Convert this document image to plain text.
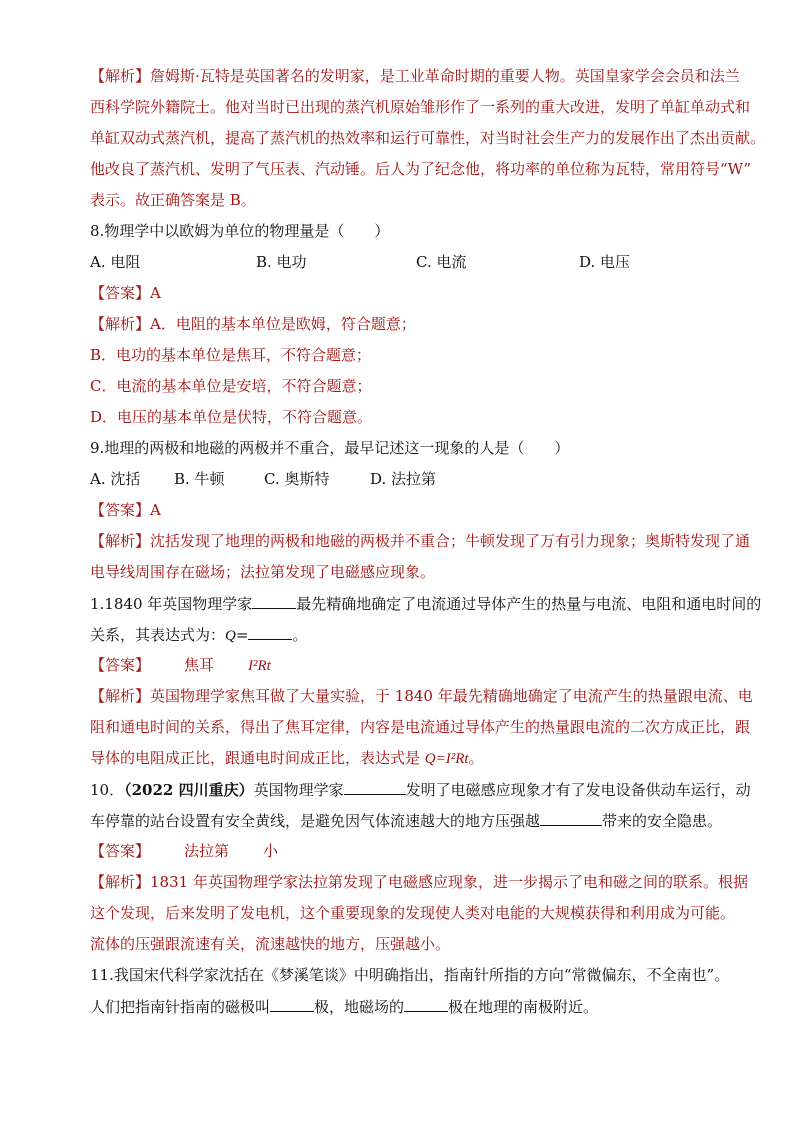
【解析】詹姆斯·瓦特是英国著名的发明家，是工业革命时期的重要人物。英国皇家学会会员和法兰
西科学院外籍院士。他对当时已出现的蒸汽机原始雏形作了一系列的重大改进，发明了单缸单动式和
单缸双动式蒸汽机，提高了蒸汽机的热效率和运行可靠性，对当时社会生产力的发展作出了杰出贡献。
他改良了蒸汽机、发明了气压表、汽动锤。后人为了纪念他，将功率的单位称为瓦特，常用符号“W”
表示。故正确答案是 B。
8.物理学中以欧姆为单位的物理量是（　　）
A. 电阻	B. 电功	C. 电流	D. 电压
【答案】A
【解析】A．电阻的基本单位是欧姆，符合题意；
B．电功的基本单位是焦耳，不符合题意；
C．电流的基本单位是安培，不符合题意；
D．电压的基本单位是伏特，不符合题意。
9.地理的两极和地磁的两极并不重合，最早记述这一现象的人是（　　）
A. 沈括 B. 牛顿	C. 奥斯特	D. 法拉第
【答案】A
【解析】沈括发现了地理的两极和地磁的两极并不重合；牛顿发现了万有引力现象；奥斯特发现了通
电导线周围存在磁场；法拉第发现了电磁感应现象。
1.1840 年英国物理学家	最先精确地确定了电流通过导体产生的热量与电流、电阻和通电时间的
关系，其表达式为：Q=	。
【答案】 焦耳 I²Rt
【解析】英国物理学家焦耳做了大量实验，于 1840 年最先精确地确定了电流产生的热量跟电流、电
阻和通电时间的关系，得出了焦耳定律，内容是电流通过导体产生的热量跟电流的二次方成正比，跟
导体的电阻成正比，跟通电时间成正比，表达式是 Q=I²Rt。
10．（2022 四川重庆）英国物理学家	发明了电磁感应现象才有了发电设备供动车运行，动
车停靠的站台设置有安全黄线，是避免因气体流速越大的地方压强越	带来的安全隐患。
【答案】 法拉第 小
【解析】1831 年英国物理学家法拉第发现了电磁感应现象，进一步揭示了电和磁之间的联系。根据
这个发现，后来发明了发电机，这个重要现象的发现使人类对电能的大规模获得和利用成为可能。
流体的压强跟流速有关，流速越快的地方，压强越小。
11.我国宋代科学家沈括在《梦溪笔谈》中明确指出，指南针所指的方向“常微偏东，不全南也”。
人们把指南针指南的磁极叫	极，地磁场的	极在地理的南极附近。
